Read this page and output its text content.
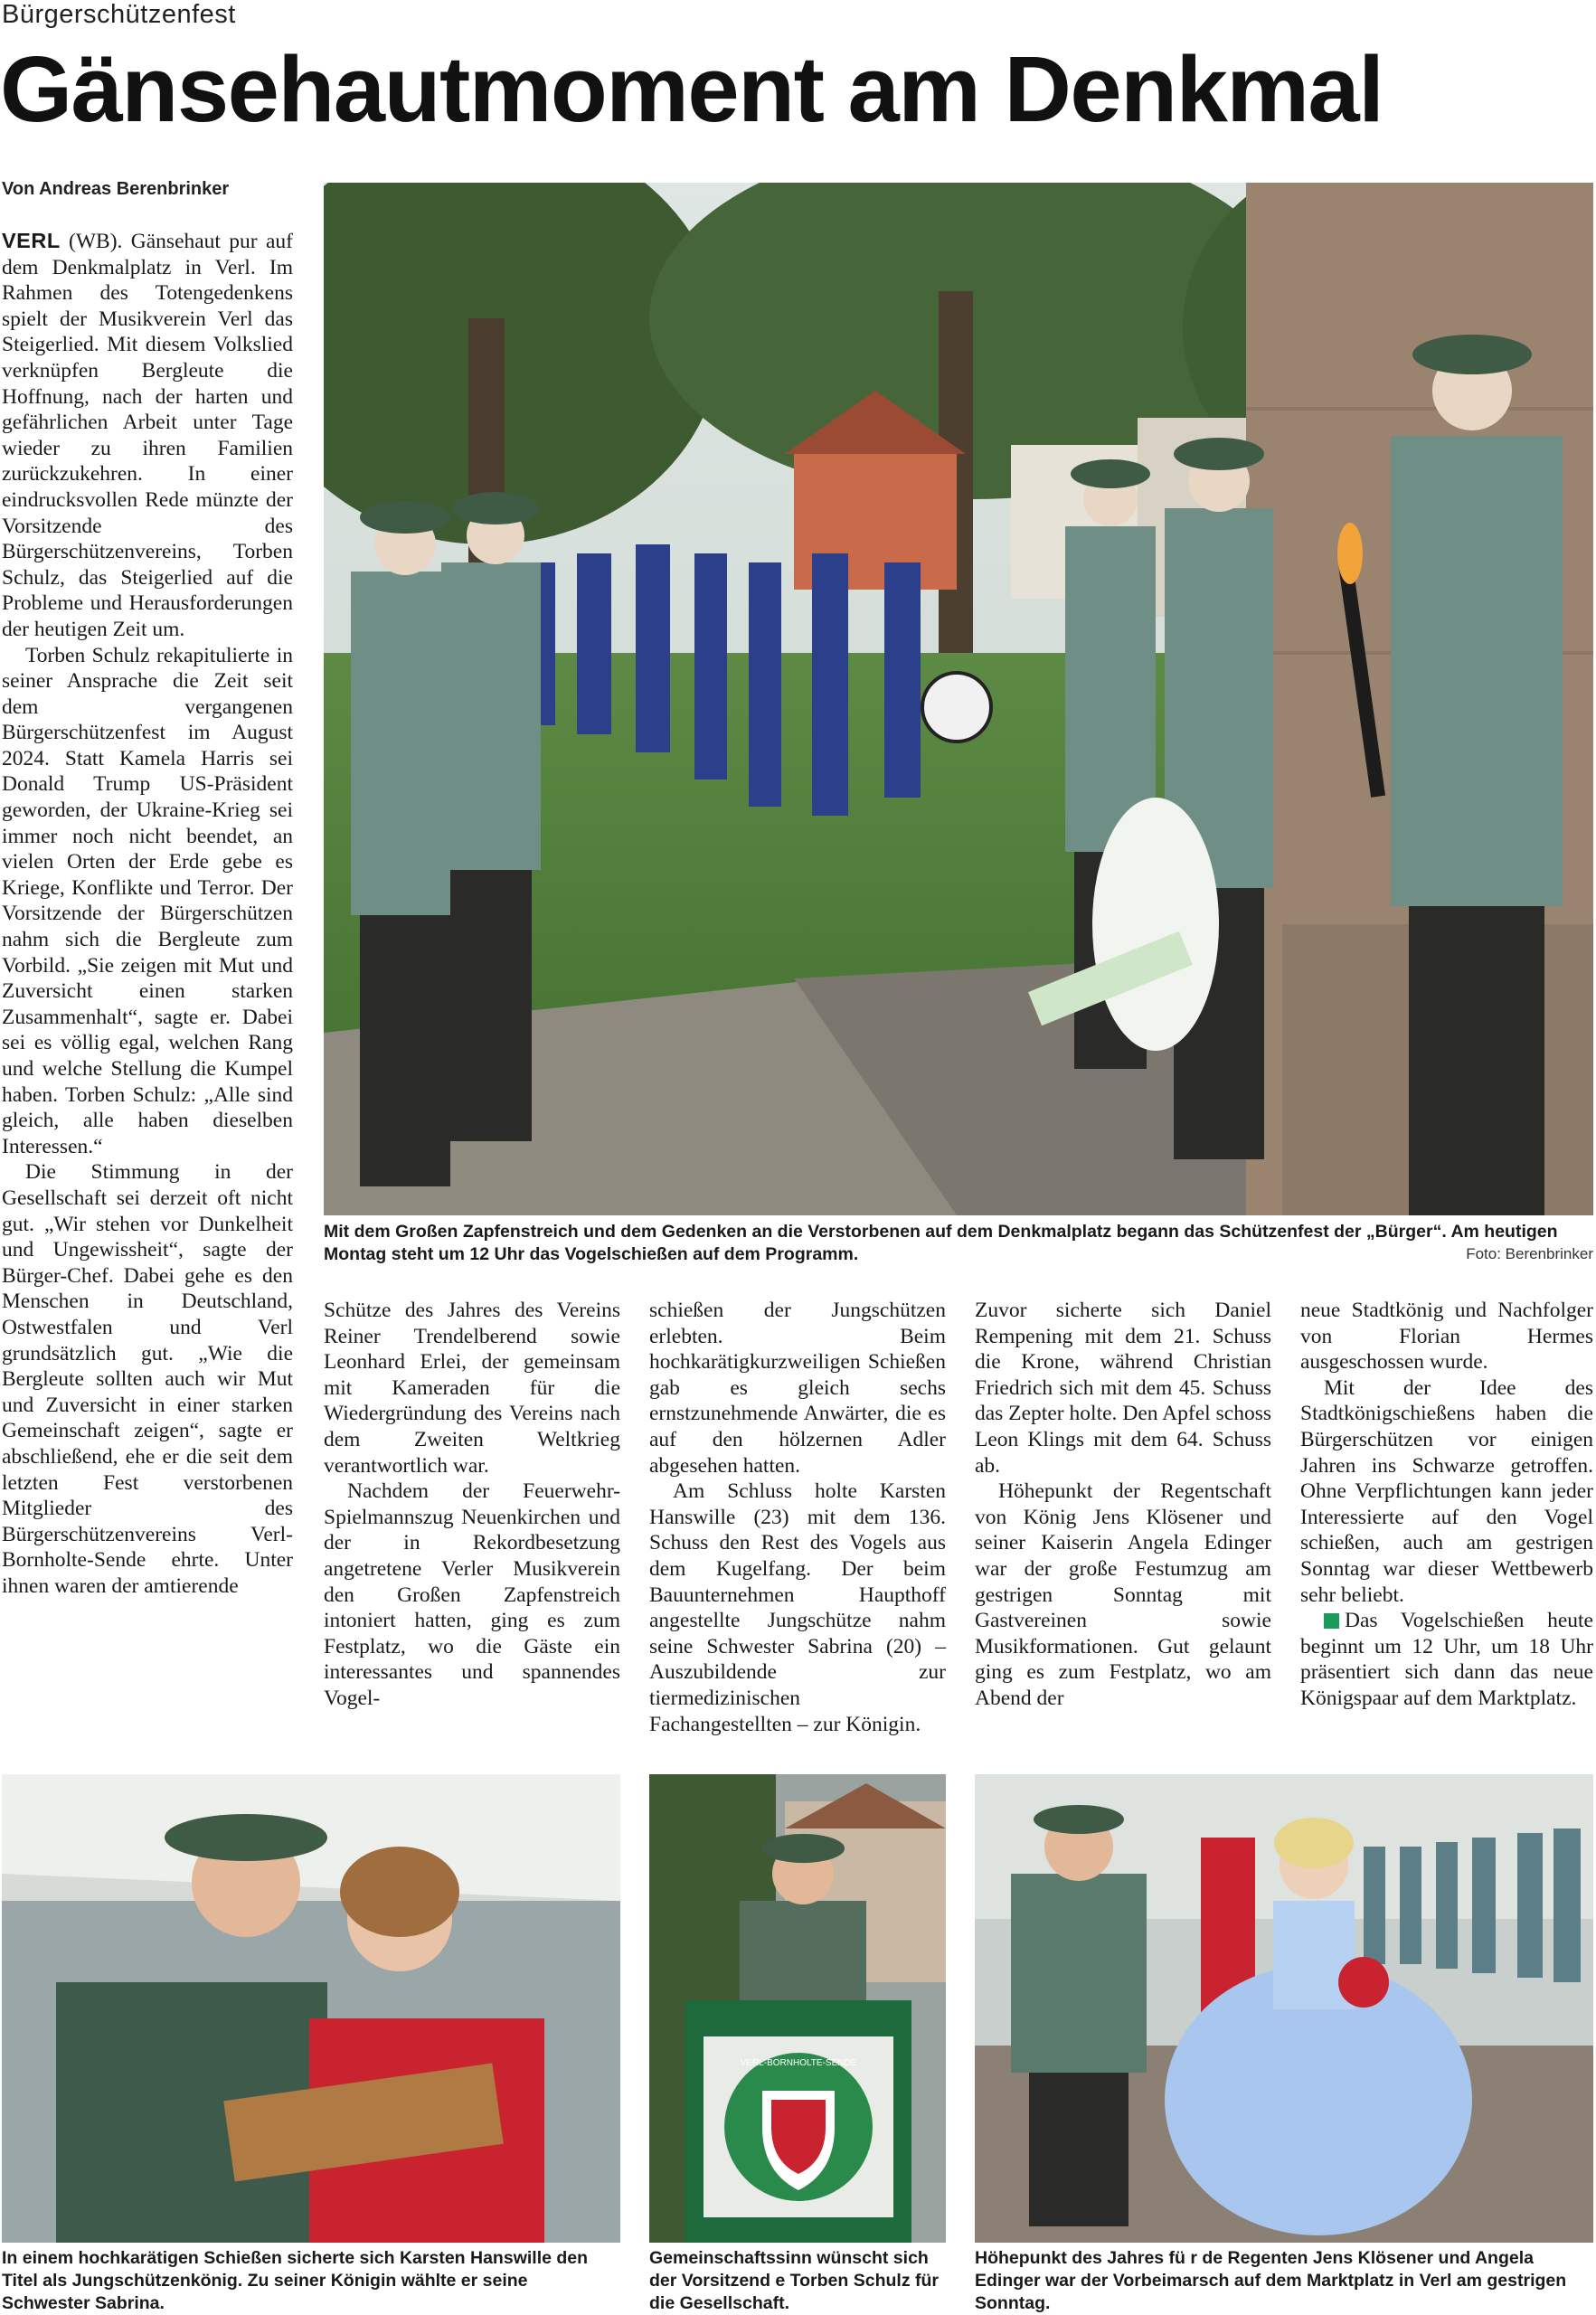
Bürgerschützenfest
Gänsehautmoment am Denkmal
Von Andreas Berenbrinker

VERL (WB). Gänsehaut pur auf dem Denkmalplatz in Verl. Im Rahmen des Totengedenkens spielt der Musikverein Verl das Steigerlied. Mit diesem Volkslied verknüpfen Bergleute die Hoffnung, nach der harten und gefährlichen Arbeit unter Tage wieder zu ihren Familien zurückzukehren. In einer eindrucksvollen Rede münzte der Vorsitzende des Bürgerschützenvereins, Torben Schulz, das Steigerlied auf die Probleme und Herausforderungen der heutigen Zeit um.

Torben Schulz rekapitulierte in seiner Ansprache die Zeit seit dem vergangenen Bürgerschützenfest im August 2024. Statt Kamela Harris sei Donald Trump US-Präsident geworden, der Ukraine-Krieg sei immer noch nicht beendet, an vielen Orten der Erde gebe es Kriege, Konflikte und Terror. Der Vorsitzende der Bürgerschützen nahm sich die Bergleute zum Vorbild. „Sie zeigen mit Mut und Zuversicht einen starken Zusammenhalt“, sagte er. Dabei sei es völlig egal, welchen Rang und welche Stellung die Kumpel haben. Torben Schulz: „Alle sind gleich, alle haben dieselben Interessen.“

Die Stimmung in der Gesellschaft sei derzeit oft nicht gut. „Wir stehen vor Dunkelheit und Ungewissheit“, sagte der Bürger-Chef. Dabei gehe es den Menschen in Deutschland, Ostwestfalen und Verl grundsätzlich gut. „Wie die Bergleute sollten auch wir Mut und Zuversicht in einer starken Gemeinschaft zeigen“, sagte er abschließend, ehe er die seit dem letzten Fest verstorbenen Mitglieder des Bürgerschützenvereins Verl-Bornholte-Sende ehrte. Unter ihnen waren der amtierende

Mit dem Großen Zapfenstreich und dem Gedenken an die Verstorbenen auf dem Denkmalplatz begann das Schützenfest der „Bürger“. Am heutigen Montag steht um 12 Uhr das Vogelschießen auf dem Programm.	Foto: Berenbrinker

Schütze des Jahres des Vereins Reiner Trendelberend sowie Leonhard Erlei, der gemeinsam mit Kameraden für die Wiedergründung des Vereins nach dem Zweiten Weltkrieg verantwortlich war.

Nachdem der Feuerwehr-Spielmannszug Neuenkirchen und der in Rekordbesetzung angetretene Verler Musikverein den Großen Zapfenstreich intoniert hatten, ging es zum Festplatz, wo die Gäste ein interessantes und spannendes Vogel-

schießen der Jungschützen erlebten. Beim hochkarätigkurzweiligen Schießen gab es gleich sechs ernstzunehmende Anwärter, die es auf den hölzernen Adler abgesehen hatten.

Am Schluss holte Karsten Hanswille (23) mit dem 136. Schuss den Rest des Vogels aus dem Kugelfang. Der beim Bauunternehmen Haupthoff angestellte Jungschütze nahm seine Schwester Sabrina (20) – Auszubildende zur tiermedizinischen Fachangestellten – zur Königin.

Zuvor sicherte sich Daniel Rempening mit dem 21. Schuss die Krone, während Christian Friedrich sich mit dem 45. Schuss das Zepter holte. Den Apfel schoss Leon Klings mit dem 64. Schuss ab.

Höhepunkt der Regentschaft von König Jens Klösener und seiner Kaiserin Angela Edinger war der große Festumzug am gestrigen Sonntag mit Gastvereinen sowie Musikformationen. Gut gelaunt ging es zum Festplatz, wo am Abend der

neue Stadtkönig und Nachfolger von Florian Hermes ausgeschossen wurde.

Mit der Idee des Stadtkönigschießens haben die Bürgerschützen vor einigen Jahren ins Schwarze getroffen. Ohne Verpflichtungen kann jeder Interessierte auf den Vogel schießen, auch am gestrigen Sonntag war dieser Wettbewerb sehr beliebt.

Das Vogelschießen heute beginnt um 12 Uhr, um 18 Uhr präsentiert sich dann das neue Königspaar auf dem Marktplatz.

In einem hochkarätigen Schießen sicherte sich Karsten Hanswille den Titel als Jungschützenkönig. Zu seiner Königin wählte er seine Schwester Sabrina.
VERL-BORNHOLTE-SENDE
Gemeinschaftssinn wünscht sich der Vorsitzend e Torben Schulz für die Gesellschaft.
Höhepunkt des Jahres fü r de Regenten Jens Klösener und Angela Edinger war der Vorbeimarsch auf dem Marktplatz in Verl am gestrigen Sonntag.
